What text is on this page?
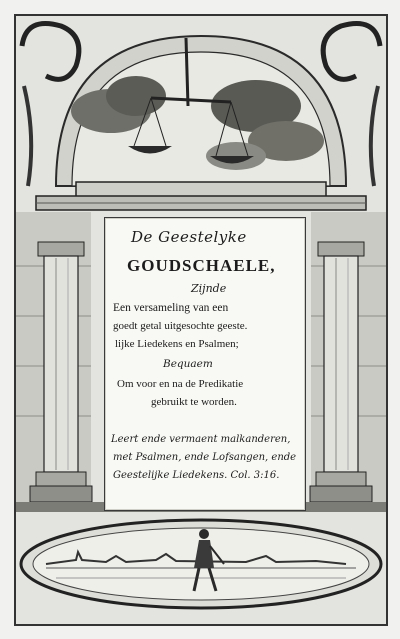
De Geestelyke

GOUDSCHAELE,

Zijnde

Een versameling van een

goedt getal uitgesochte geeste.

lijke Liedekens en Psalmen;

Bequaem

Om voor en na de Predikatie

gebruikt te worden.

Leert ende vermaent malkanderen,

met Psalmen, ende Lofsangen, ende

Geestelijke Liedekens. Col. 3:16.
